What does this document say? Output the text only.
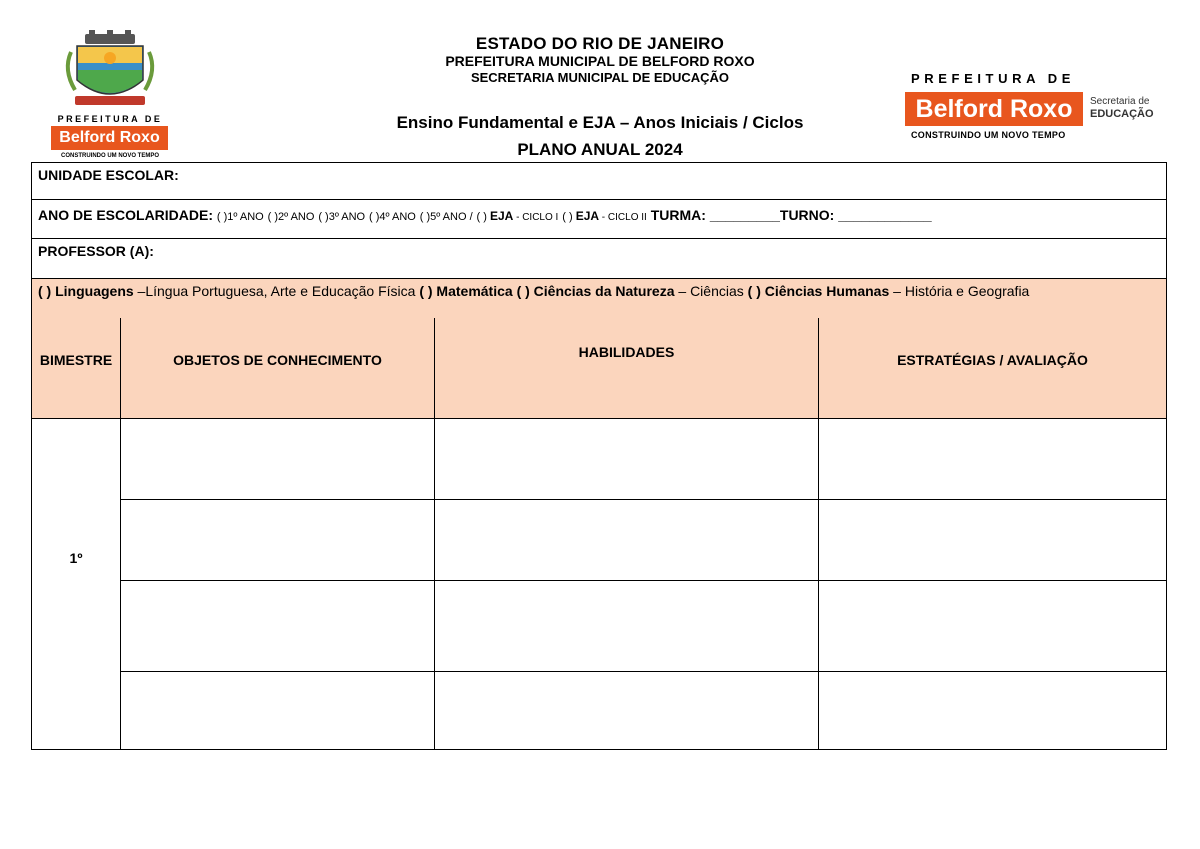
ESTADO DO RIO DE JANEIRO
PREFEITURA MUNICIPAL DE BELFORD ROXO
SECRETARIA MUNICIPAL DE EDUCAÇÃO
Ensino Fundamental e EJA – Anos Iniciais / Ciclos
PLANO ANUAL 2024
PREFEITURA DE
Belford Roxo
CONSTRUINDO UM NOVO TEMPO
PREFEITURA DE
Belford Roxo	Secretaria de
EDUCAÇÃO
CONSTRUINDO UM NOVO TEMPO
UNIDADE ESCOLAR:
ANO DE ESCOLARIDADE: ( )1º ANO ( )2º ANO ( )3º ANO ( )4º ANO ( )5º ANO / ( ) EJA - CICLO I ( ) EJA - CICLO II TURMA: _________TURNO: ____________
PROFESSOR (A):
( ) Linguagens –Língua Portuguesa, Arte e Educação Física ( ) Matemática ( ) Ciências da Natureza – Ciências ( ) Ciências Humanas – História e Geografia
BIMESTRE	OBJETOS DE CONHECIMENTO	HABILIDADES	ESTRATÉGIAS / AVALIAÇÃO
1º
